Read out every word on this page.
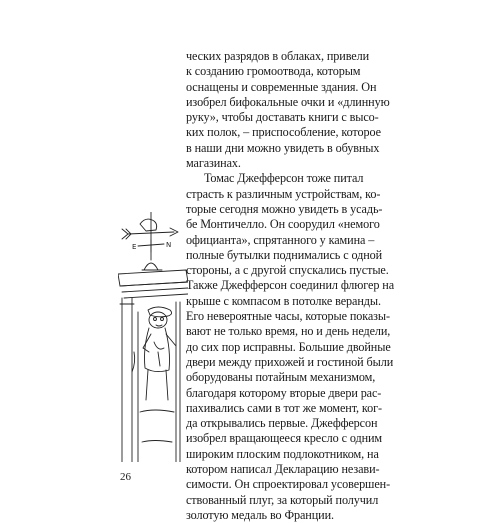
ческих разрядов в облаках, привели
к созданию громоотвода, которым
оснащены и современные здания. Он
изобрел бифокальные очки и «длинную
руку», чтобы доставать книги с высо-
ких полок, – приспособление, которое
в наши дни можно увидеть в обувных
магазинах.
Томас Джефферсон тоже питал
страсть к различным устройствам, ко-
торые сегодня можно увидеть в усадь-
бе Монтичелло. Он соорудил «немого
официанта», спрятанного у камина –
полные бутылки поднимались с одной
стороны, а с другой спускались пустые.
Также Джефферсон соединил флюгер на
крыше с компасом в потолке веранды.
Его невероятные часы, которые показы-
вают не только время, но и день недели,
до сих пор исправны. Большие двойные
двери между прихожей и гостиной были
оборудованы потайным механизмом,
благодаря которому вторые двери рас-
пахивались сами в тот же момент, ког-
да открывались первые. Джефферсон
изобрел вращающееся кресло с одним
широким плоским подлокотником, на
котором написал Декларацию незави-
симости. Он спроектировал усовершен-
ствованный плуг, за который получил
золотую медаль во Франции.
E	N
26
